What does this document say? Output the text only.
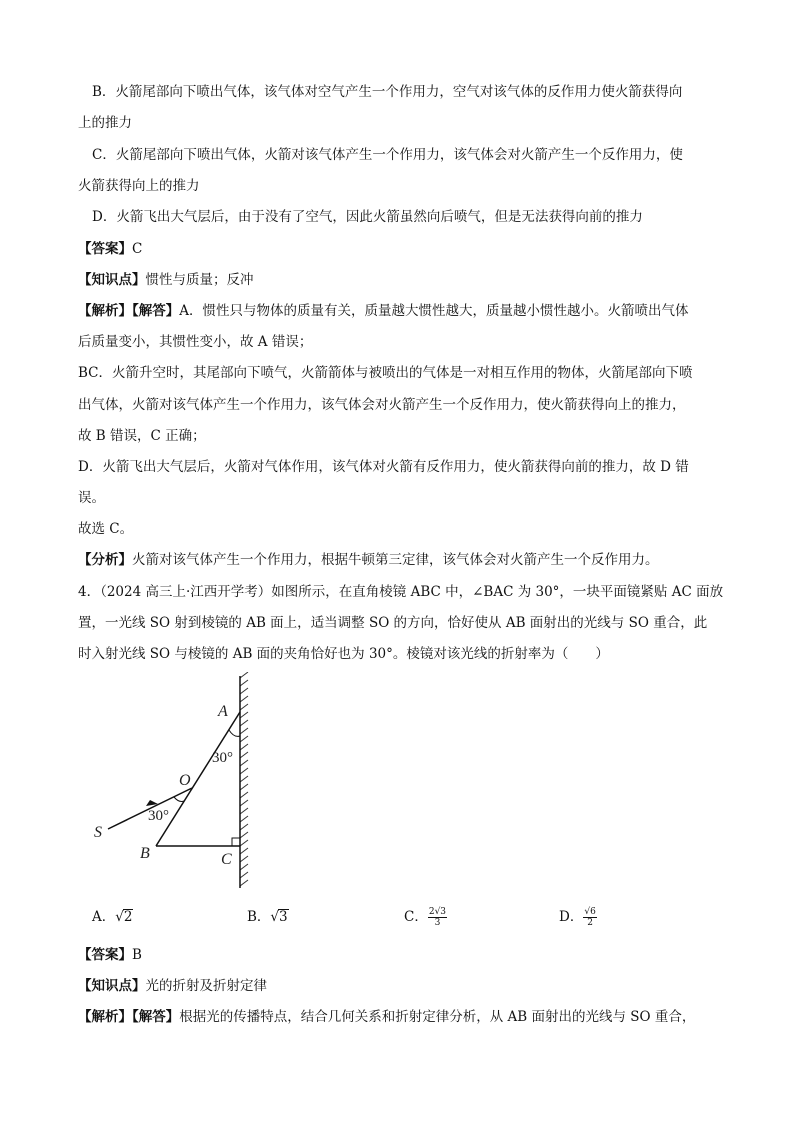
B．火箭尾部向下喷出气体，该气体对空气产生一个作用力，空气对该气体的反作用力使火箭获得向
上的推力
C．火箭尾部向下喷出气体，火箭对该气体产生一个作用力，该气体会对火箭产生一个反作用力，使
火箭获得向上的推力
D．火箭飞出大气层后，由于没有了空气，因此火箭虽然向后喷气，但是无法获得向前的推力
【答案】C
【知识点】惯性与质量；反冲
【解析】【解答】A．惯性只与物体的质量有关，质量越大惯性越大，质量越小惯性越小。火箭喷出气体
后质量变小，其惯性变小，故 A 错误；
BC．火箭升空时，其尾部向下喷气，火箭箭体与被喷出的气体是一对相互作用的物体，火箭尾部向下喷
出气体，火箭对该气体产生一个作用力，该气体会对火箭产生一个反作用力，使火箭获得向上的推力，
故 B 错误，C 正确；
D．火箭飞出大气层后，火箭对气体作用，该气体对火箭有反作用力，使火箭获得向前的推力，故 D 错
误。
故选 C。
【分析】火箭对该气体产生一个作用力，根据牛顿第三定律，该气体会对火箭产生一个反作用力。
4．（2024 高三上·江西开学考）如图所示，在直角棱镜 ABC 中，∠BAC 为 30°，一块平面镜紧贴 AC 面放
置，一光线 SO 射到棱镜的 AB 面上，适当调整 SO 的方向，恰好使从 AB 面射出的光线与 SO 重合，此
时入射光线 SO 与棱镜的 AB 面的夹角恰好也为 30°。棱镜对该光线的折射率为（　　）
A
30°
O
30°
S
B	C
A．√2	B．√3	C． $\frac{2√3}{3}$	D． $\frac{√6}{2}$
【答案】B
【知识点】光的折射及折射定律
【解析】【解答】根据光的传播特点，结合几何关系和折射定律分析，从 AB 面射出的光线与 SO 重合，
